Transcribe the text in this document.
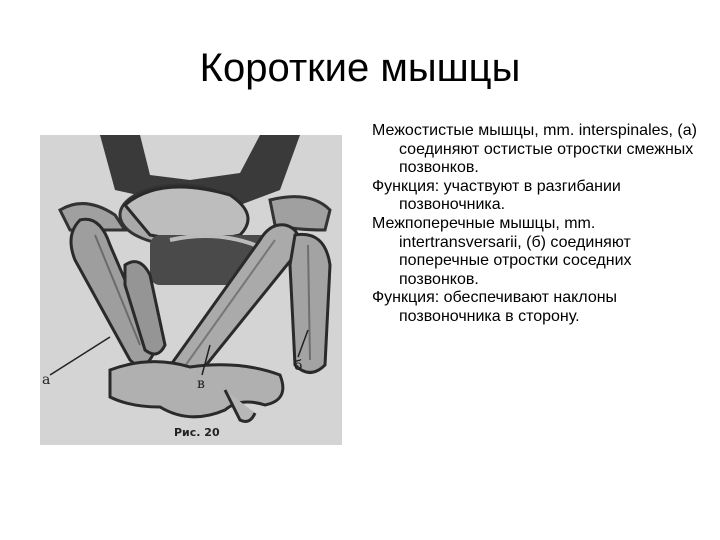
Короткие мышцы
а	в
б
Рис. 20
Межостистые мышцы, mm. interspinales, (а) соединяют остистые отростки смежных позвонков.
Функция: участвуют в разгибании позвоночника.
Межпоперечные мышцы, mm. intertransversarii, (б) соединяют поперечные отростки соседних позвонков.
Функция: обеспечивают наклоны позвоночника в сторону.
